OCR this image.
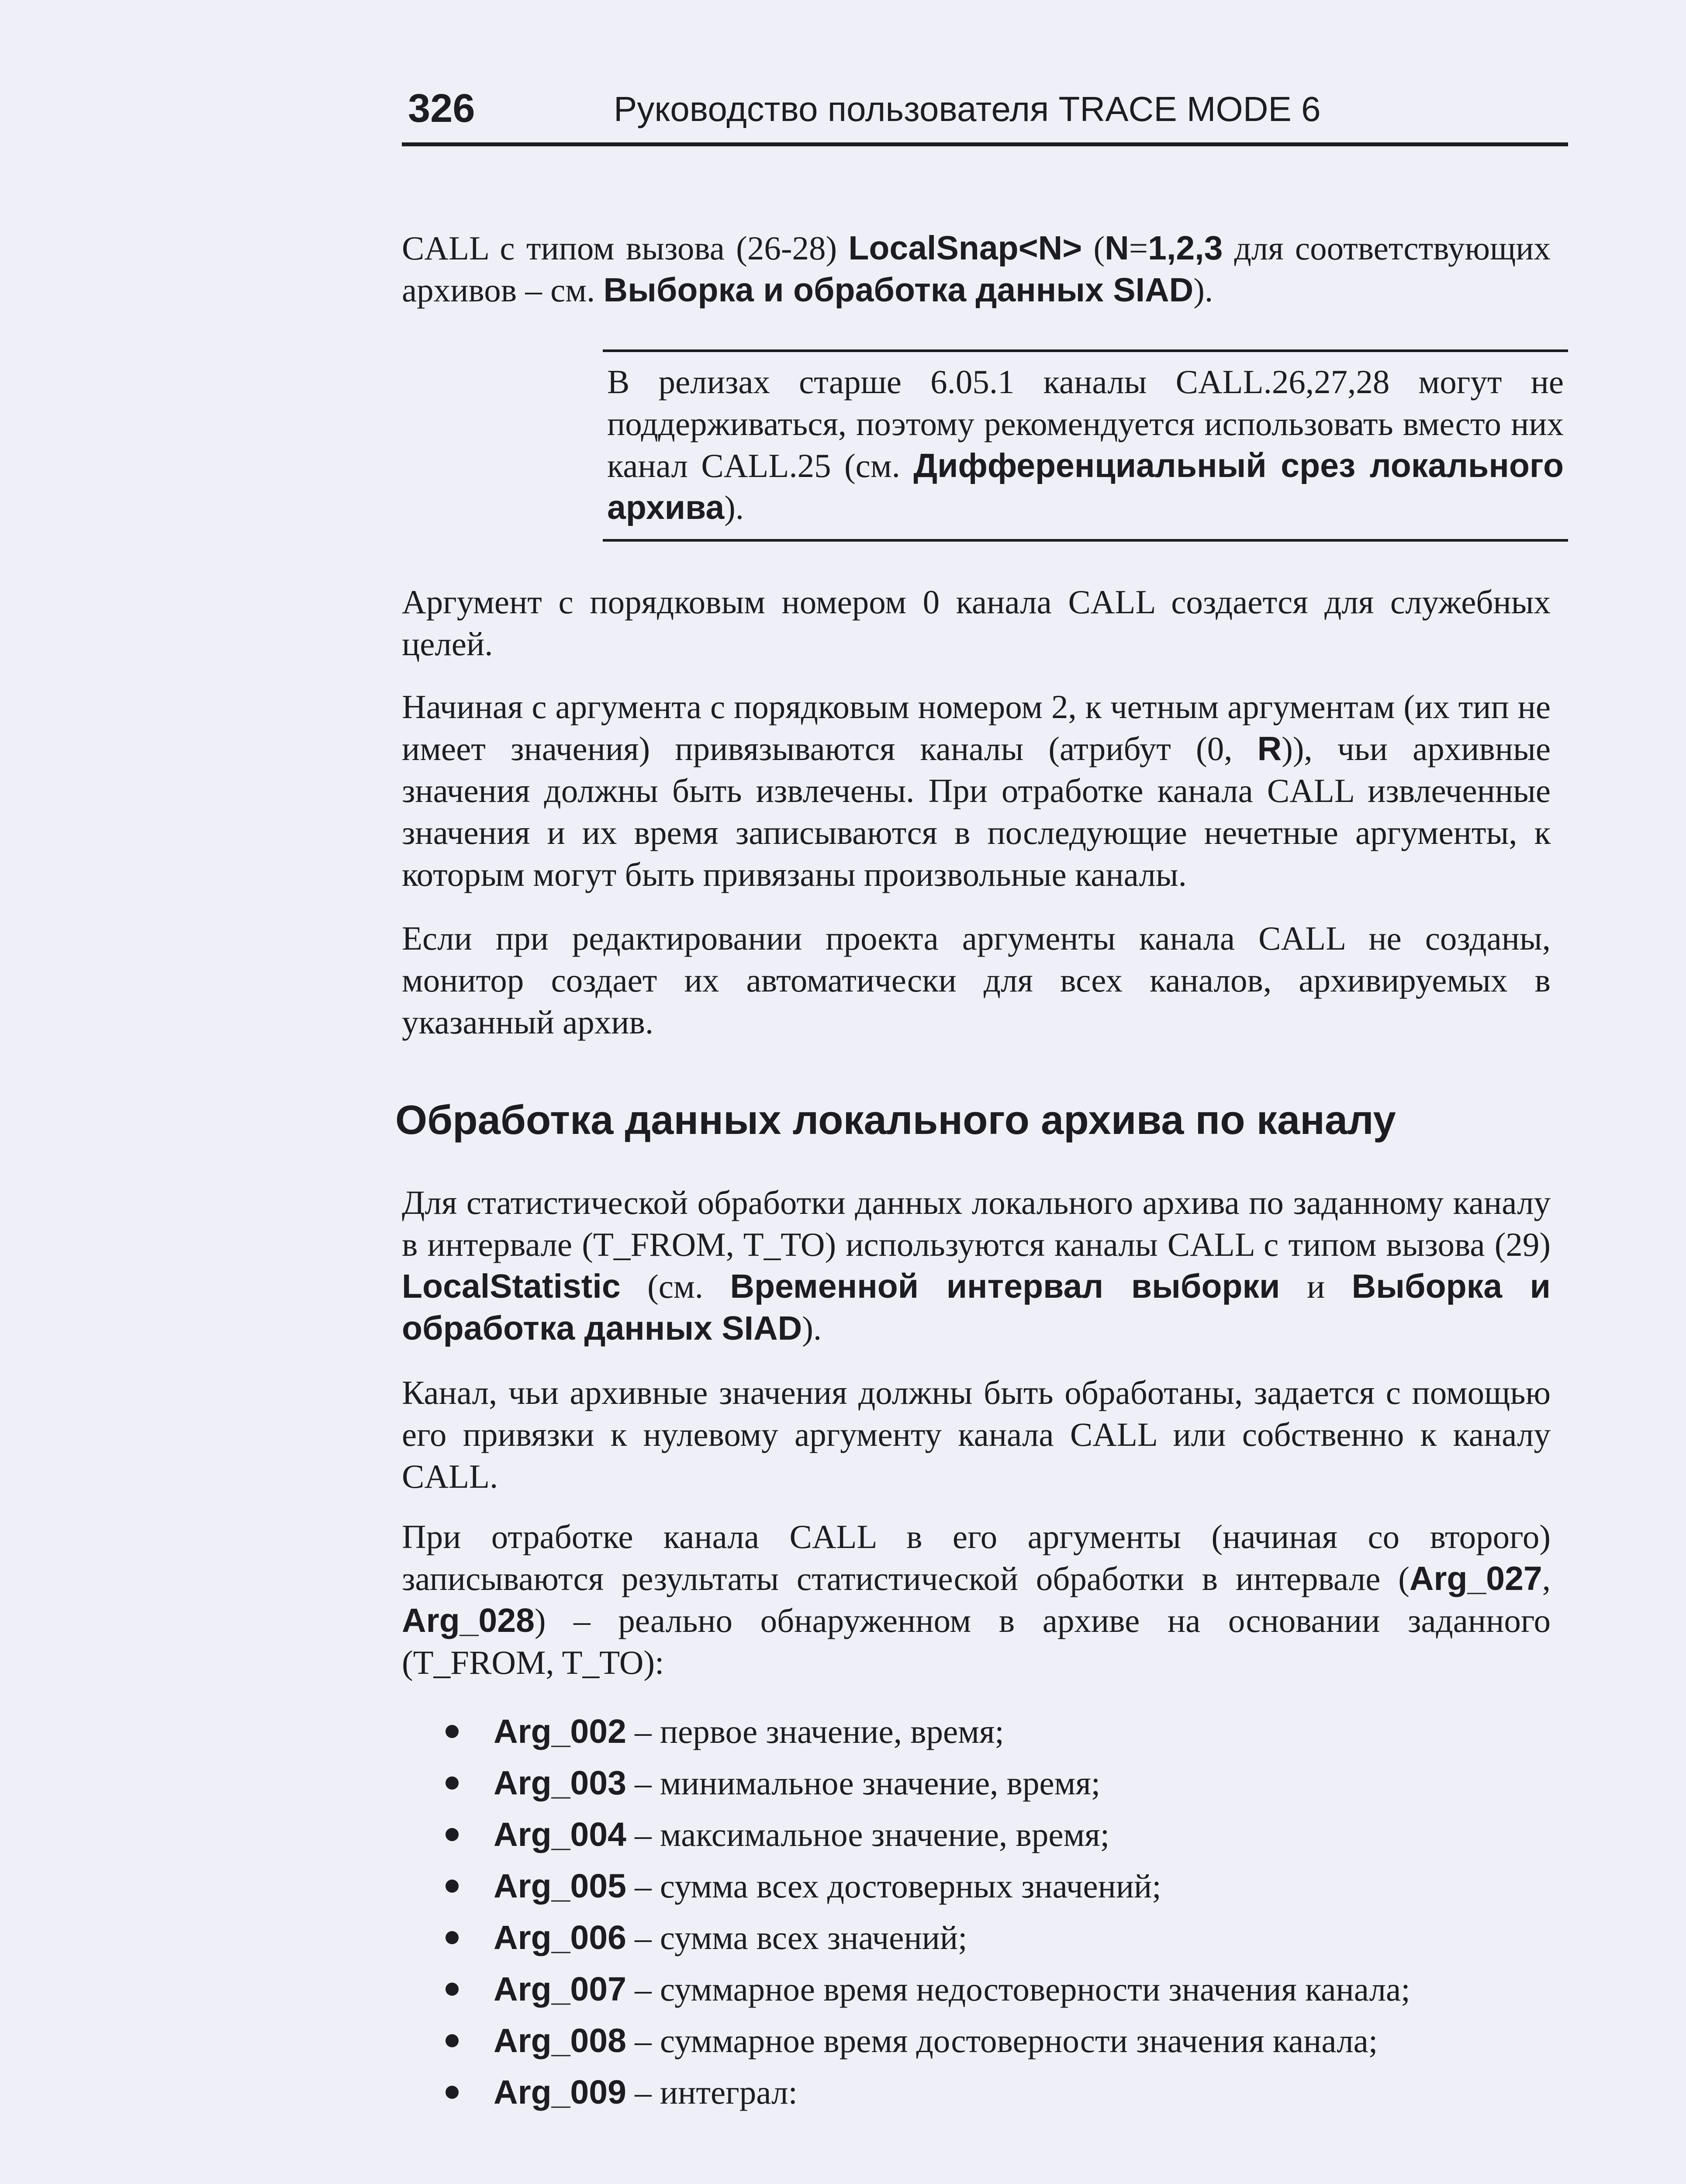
326	Руководство пользователя TRACE MODE 6

CALL с типом вызова (26-28) LocalSnap<N> (N=1,2,3 для соответствующих архивов – см. Выборка и обработка данных SIAD).

В релизах старше 6.05.1 каналы CALL.26,27,28 могут не поддерживаться, поэтому рекомендуется использовать вместо них канал CALL.25 (см. Дифференциальный срез локального архива).

Аргумент с порядковым номером 0 канала CALL создается для служебных целей.

Начиная с аргумента с порядковым номером 2, к четным аргументам (их тип не имеет значения) привязываются каналы (атрибут (0, R)), чьи архивные значения должны быть извлечены. При отработке канала CALL извлеченные значения и их время записываются в последующие нечетные аргументы, к которым могут быть привязаны произвольные каналы.

Если при редактировании проекта аргументы канала CALL не созданы, монитор создает их автоматически для всех каналов, архивируемых в указанный архив.

Обработка данных локального архива по каналу

Для статистической обработки данных локального архива по заданному каналу в интервале (T_FROM, T_TO) используются каналы CALL с типом вызова (29) LocalStatistic (см. Временной интервал выборки и Выборка и обработка данных SIAD).

Канал, чьи архивные значения должны быть обработаны, задается с помощью его привязки к нулевому аргументу канала CALL или собственно к каналу CALL.

При отработке канала CALL в его аргументы (начиная со второго) записываются результаты статистической обработки в интервале (Arg_027, Arg_028) – реально обнаруженном в архиве на основании заданного (T_FROM, T_TO):

Arg_002 – первое значение, время;
Arg_003 – минимальное значение, время;
Arg_004 – максимальное значение, время;
Arg_005 – сумма всех достоверных значений;
Arg_006 – сумма всех значений;
Arg_007 – суммарное время недостоверности значения канала;
Arg_008 – суммарное время достоверности значения канала;
Arg_009 – интеграл:
